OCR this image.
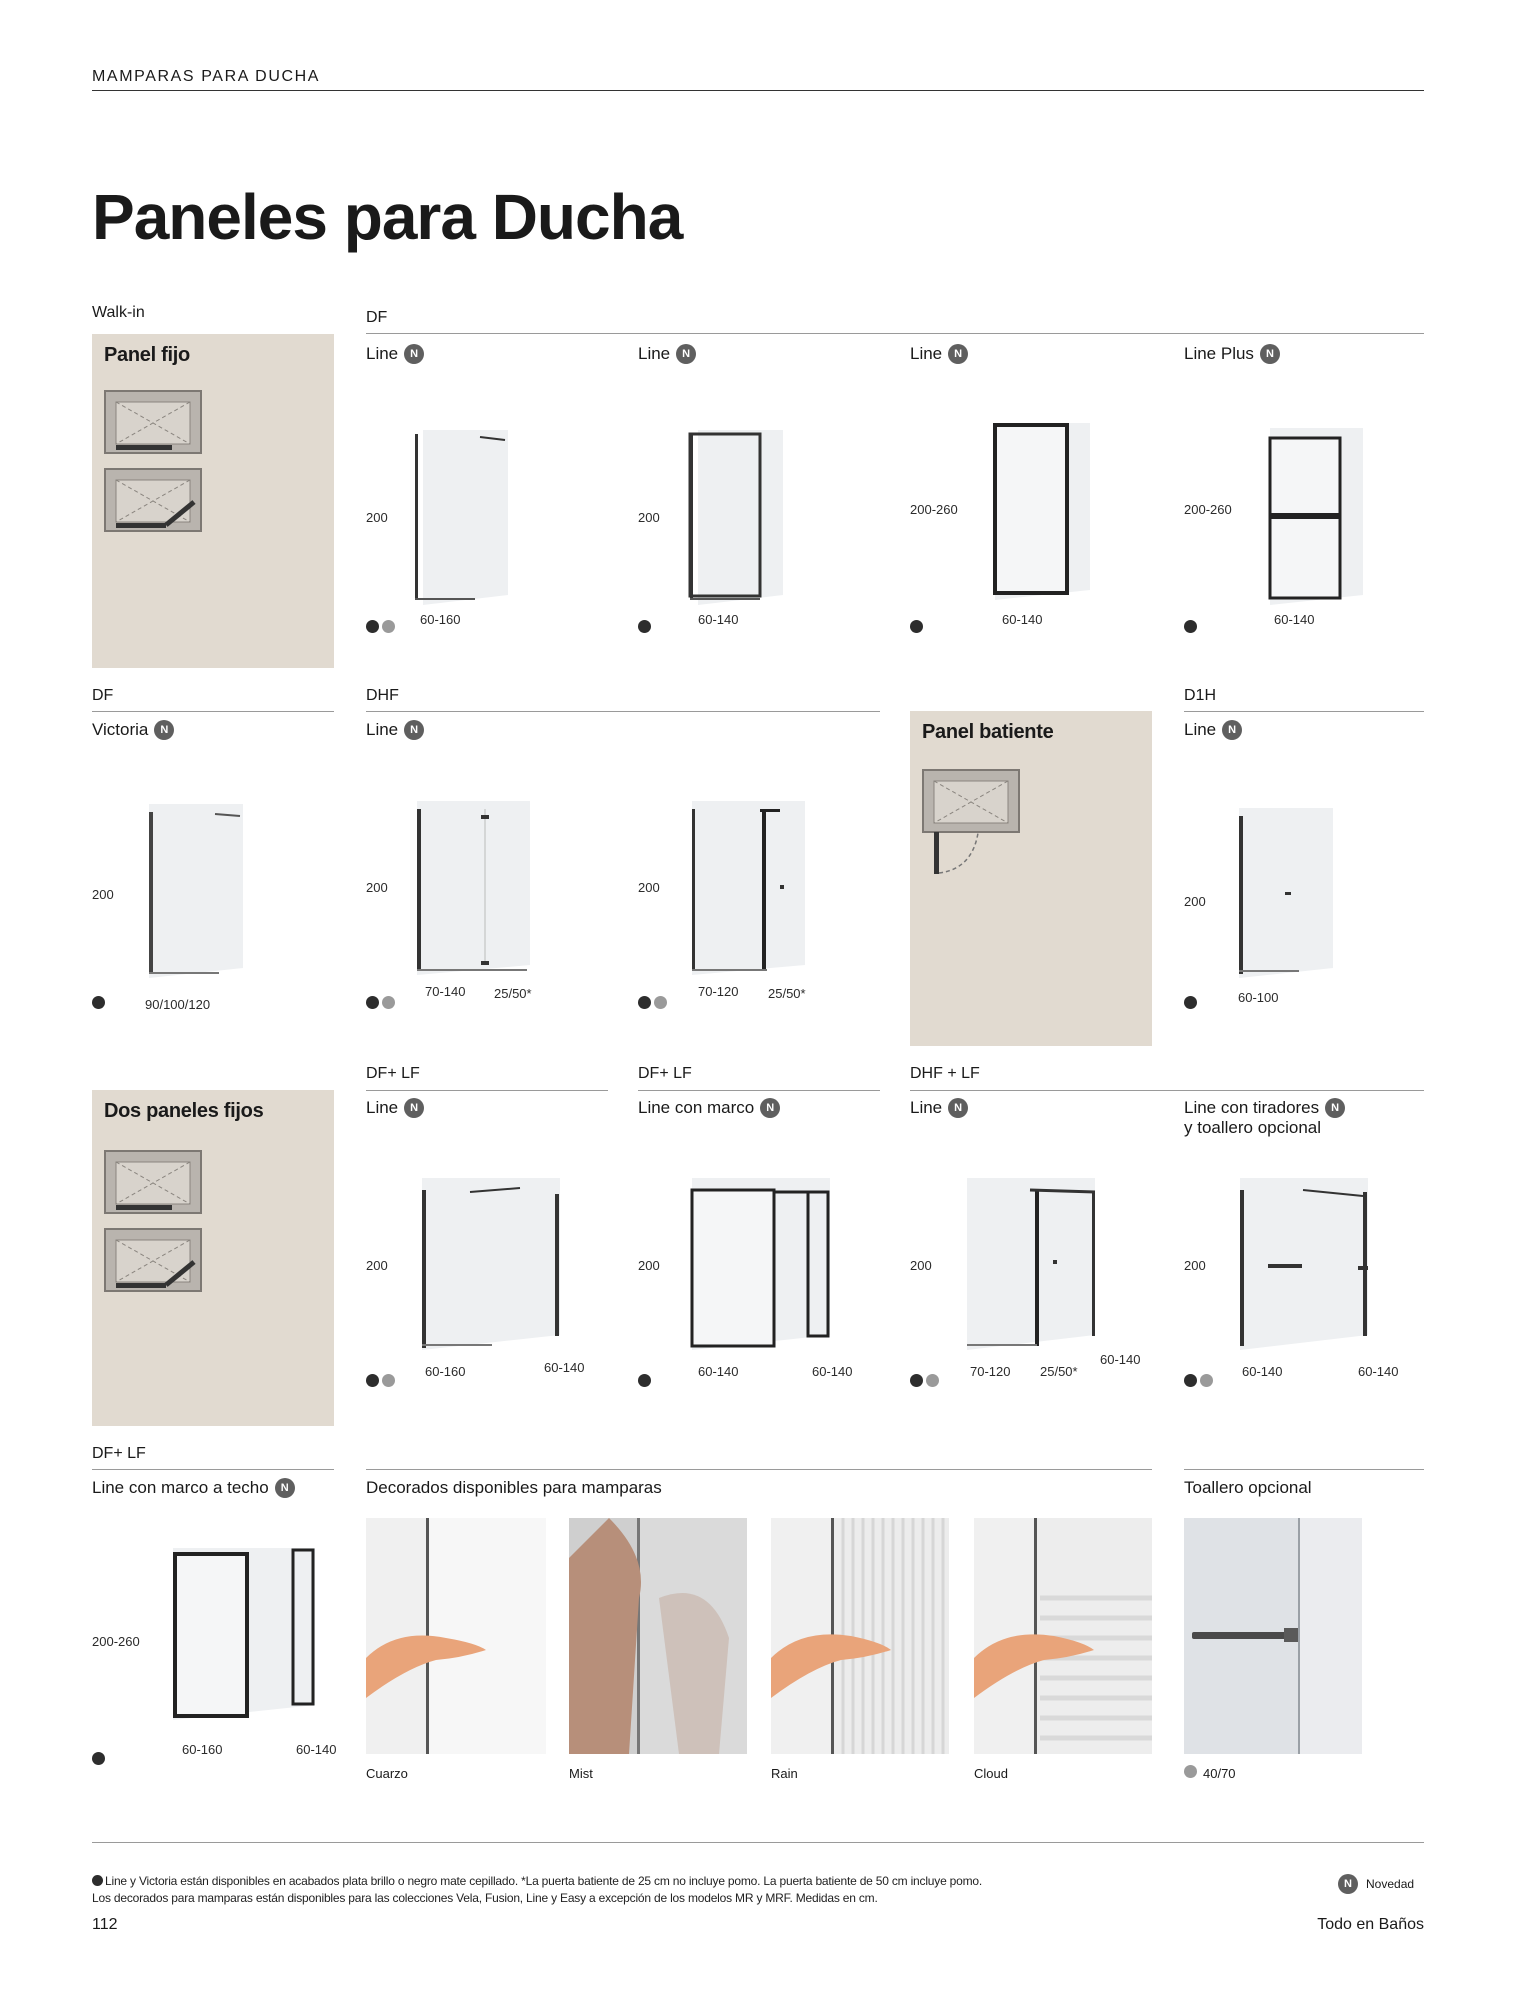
MAMPARAS PARA DUCHA
Paneles para Ducha
Walk-in
Panel fijo
DF
Line	N
200
60-160
Line	N
200
60-140
Line	N
200-260
60-140
Line Plus	N
200-260
60-140
DF
Victoria	N
200
90/100/120
DHF
Line	N
200
70-140 25/50*
200
70-120 25/50*
Panel batiente
D1H
Line	N
200
60-100
Dos paneles fijos
DF+ LF
Line	N
200
60-160	60-140
DF+ LF
Line con marco	N
200
60-140	60-140
DHF + LF
Line	N
200
70-120 25/50*
60-140
Line con tiradores	N
y toallero opcional
200
60-140	60-140
DF+ LF
Line con marco a techo	N
200-260
60-160	60-140
Decorados disponibles para mamparas
Cuarzo	Mist	Rain	Cloud
Toallero opcional
40/70
Line y Victoria están disponibles en acabados plata brillo o negro mate cepillado. *La puerta batiente de 25 cm no incluye pomo. La puerta batiente de 50 cm incluye pomo.
Los decorados para mamparas están disponibles para las colecciones Vela, Fusion, Line y Easy a excepción de los modelos MR y MRF. Medidas en cm.
N	Novedad
112	Todo en Baños
